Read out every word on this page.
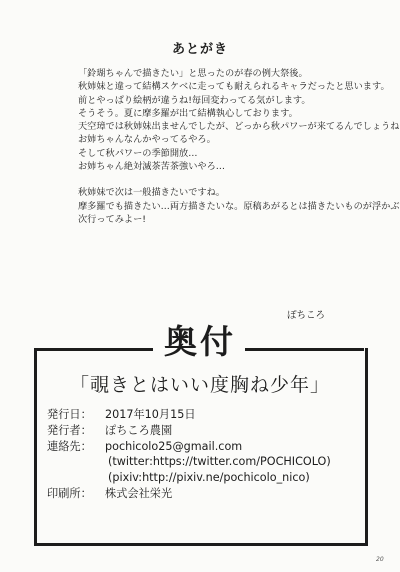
あとがき
「鈴瑚ちゃんで描きたい」と思ったのが春の例大祭後。
秋姉妹と違って結構スケベに走っても耐えられるキャラだったと思います。
前とやっぱり絵柄が違うね!毎回変わってる気がします。
そうそう。夏に摩多羅が出て結構執心しております。
天空璋では秋姉妹出ませんでしたが、どっから秋パワーが来てるんでしょうね
お姉ちゃんなんかやってるやろ。
そして秋パワーの季節開放…
お姉ちゃん絶対滅茶苦茶強いやろ…
秋姉妹で次は一般描きたいですね。
摩多羅でも描きたい…両方描きたいな。原稿あがるとは描きたいものが浮かぶ
次行ってみよー!
ぽちころ
奥付
「覗きとはいい度胸ね少年」
発行日：	2017年10月15日
発行者：	ぽちころ農園
連絡先：	pochicolo25@gmail.com
(twitter:https://twitter.com/POCHICOLO)
(pixiv:http://pixiv.ne/pochicolo_nico)
印刷所：	株式会社栄光
20
